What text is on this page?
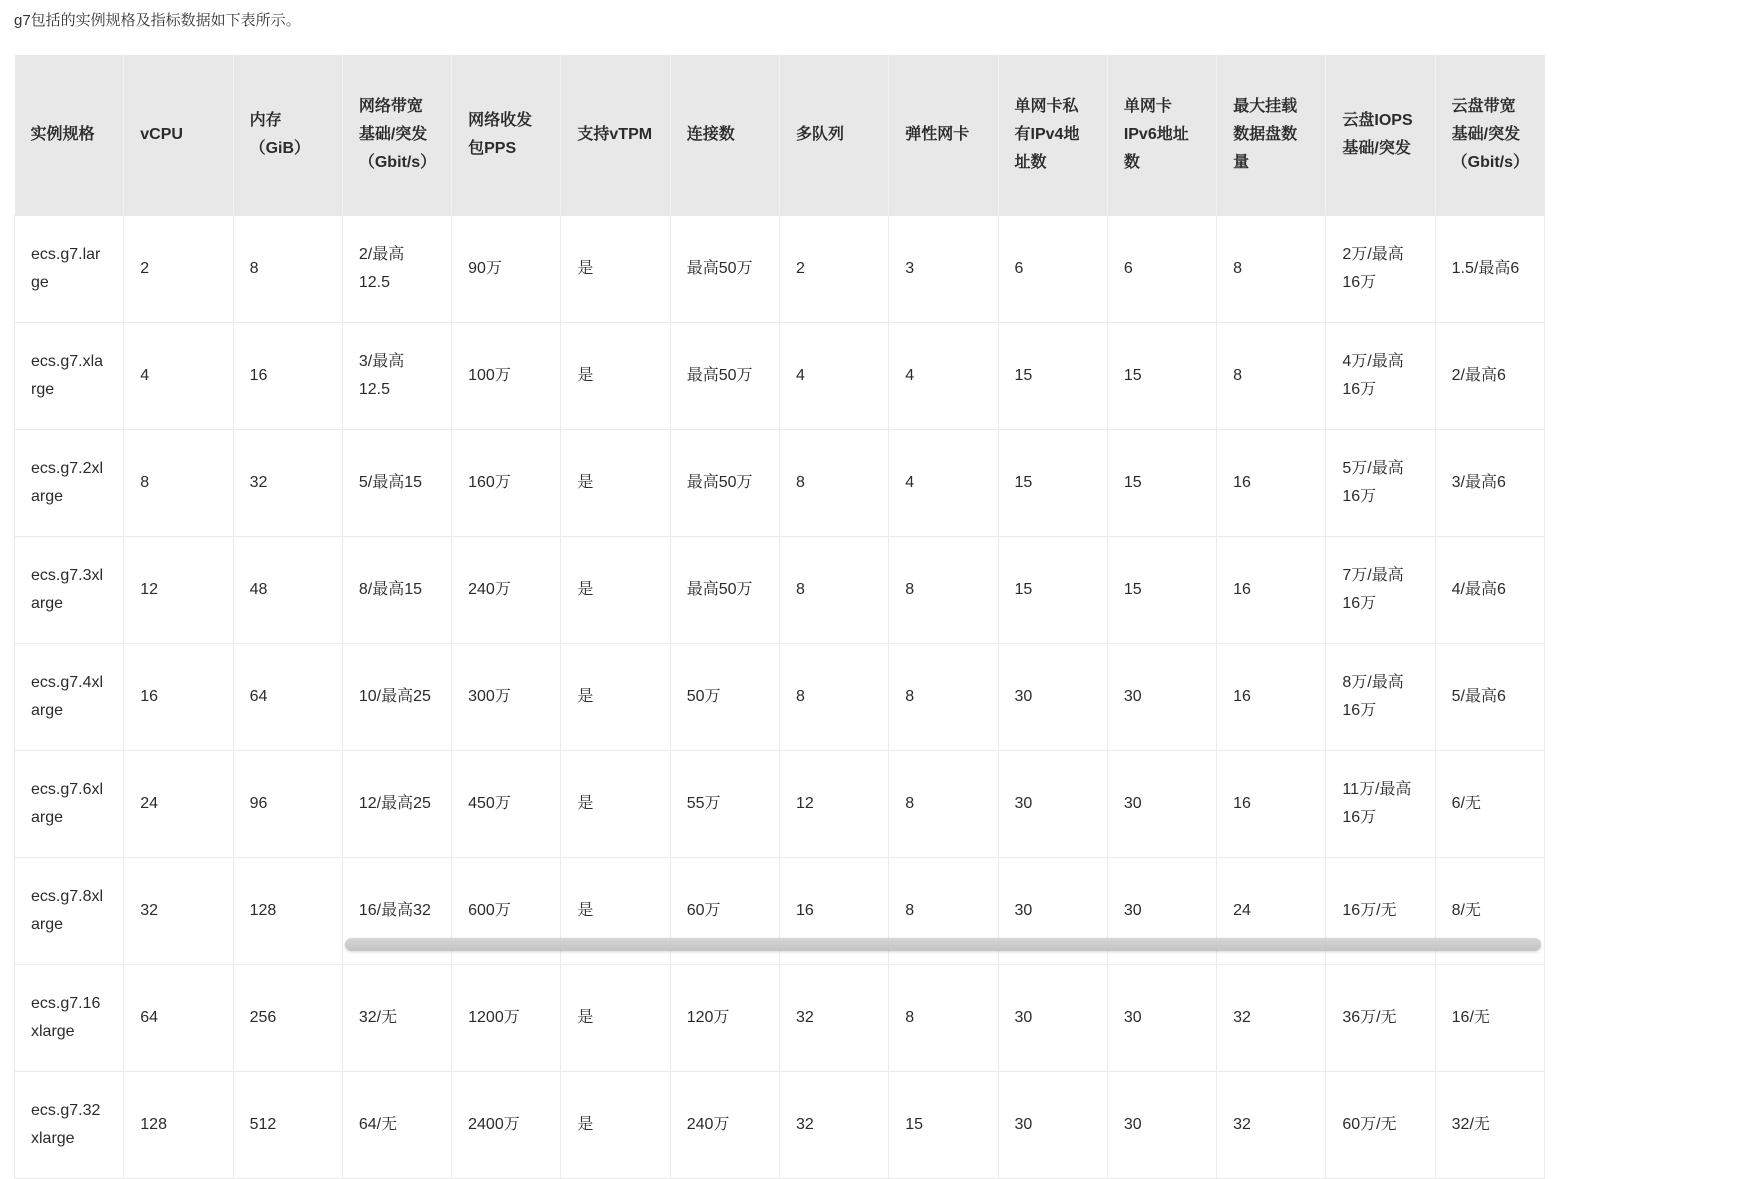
g7包括的实例规格及指标数据如下表所示。

实例规格	vCPU	内存（GiB）	网络带宽基础/突发（Gbit/s）	网络收发包PPS	支持vTPM	连接数	多队列	弹性网卡	单网卡私有IPv4地址数	单网卡IPv6地址数	最大挂载数据盘数量	云盘IOPS基础/突发	云盘带宽基础/突发（Gbit/s）
ecs.g7.large	2	8	2/最高12.5	90万	是	最高50万	2	3	6	6	8	2万/最高16万	1.5/最高6
ecs.g7.xlarge	4	16	3/最高12.5	100万	是	最高50万	4	4	15	15	8	4万/最高16万	2/最高6
ecs.g7.2xlarge	8	32	5/最高15	160万	是	最高50万	8	4	15	15	16	5万/最高16万	3/最高6
ecs.g7.3xlarge	12	48	8/最高15	240万	是	最高50万	8	8	15	15	16	7万/最高16万	4/最高6
ecs.g7.4xlarge	16	64	10/最高25	300万	是	50万	8	8	30	30	16	8万/最高16万	5/最高6
ecs.g7.6xlarge	24	96	12/最高25	450万	是	55万	12	8	30	30	16	11万/最高16万	6/无
ecs.g7.8xlarge	32	128	16/最高32	600万	是	60万	16	8	30	30	24	16万/无	8/无
ecs.g7.16xlarge	64	256	32/无	1200万	是	120万	32	8	30	30	32	36万/无	16/无
ecs.g7.32xlarge	128	512	64/无	2400万	是	240万	32	15	30	30	32	60万/无	32/无
